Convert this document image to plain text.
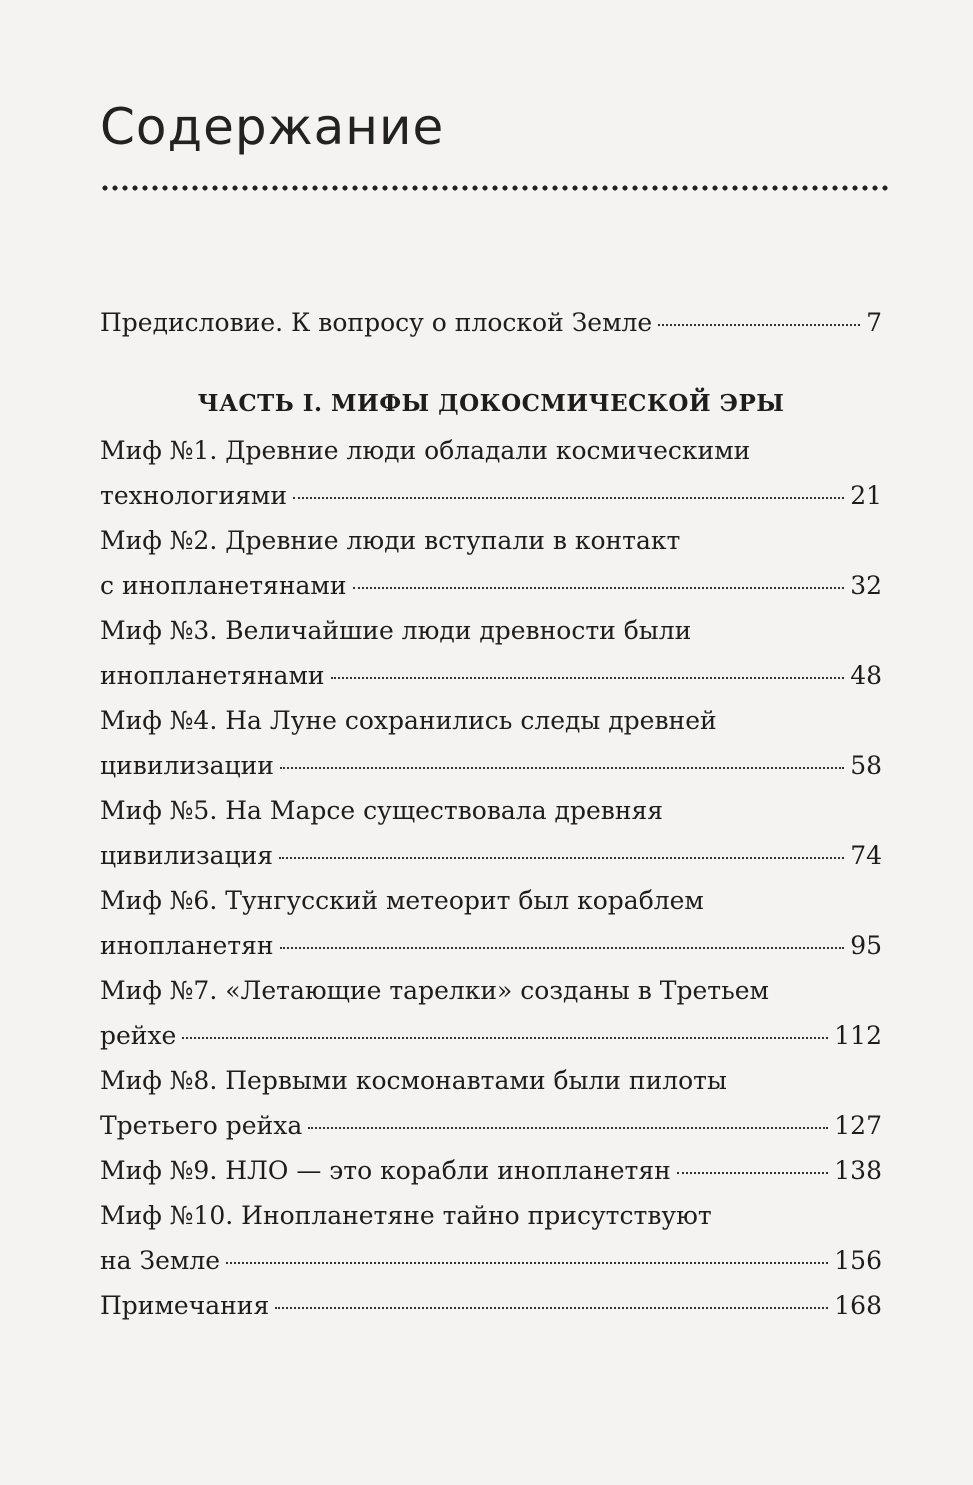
Содержание
Предисловие. К вопросу о плоской Земле	7
ЧАСТЬ I. МИФЫ ДОКОСМИЧЕСКОЙ ЭРЫ
Миф №1. Древние люди обладали космическими
технологиями	21
Миф №2. Древние люди вступали в контакт
с инопланетянами	32
Миф №3. Величайшие люди древности были
инопланетянами	48
Миф №4. На Луне сохранились следы древней
цивилизации	58
Миф №5. На Марсе существовала древняя
цивилизация	74
Миф №6. Тунгусский метеорит был кораблем
инопланетян	95
Миф №7. «Летающие тарелки» созданы в Третьем
рейхе	112
Миф №8. Первыми космонавтами были пилоты
Третьего рейха	127
Миф №9. НЛО — это корабли инопланетян	138
Миф №10. Инопланетяне тайно присутствуют
на Земле	156
Примечания	168
